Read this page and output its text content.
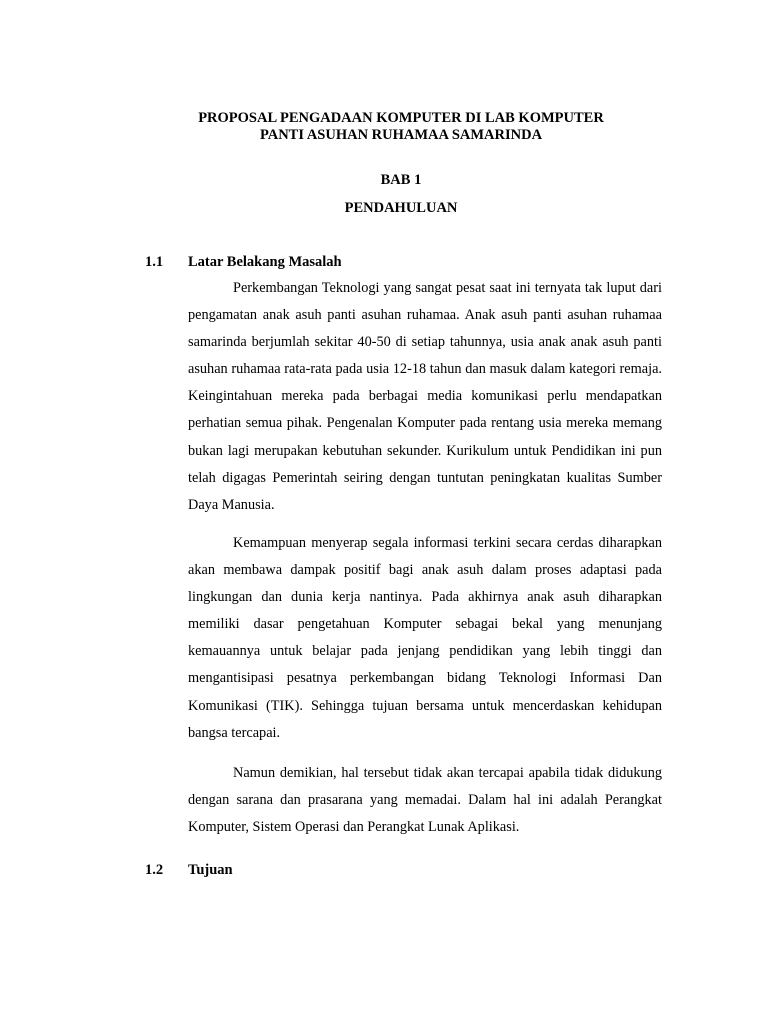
PROPOSAL PENGADAAN KOMPUTER DI LAB KOMPUTER
PANTI ASUHAN RUHAMAA SAMARINDA
BAB 1
PENDAHULUAN
1.1 Latar Belakang Masalah

Perkembangan Teknologi yang sangat pesat saat ini ternyata tak luput dari pengamatan anak asuh panti asuhan ruhamaa. Anak asuh panti asuhan ruhamaa samarinda berjumlah sekitar 40-50 di setiap tahunnya, usia anak anak asuh panti asuhan ruhamaa rata-rata pada usia 12-18 tahun dan masuk dalam kategori remaja. Keingintahuan mereka pada berbagai media komunikasi perlu mendapatkan perhatian semua pihak. Pengenalan Komputer pada rentang usia mereka memang bukan lagi merupakan kebutuhan sekunder. Kurikulum untuk Pendidikan ini pun telah digagas Pemerintah seiring dengan tuntutan peningkatan kualitas Sumber Daya Manusia.

Kemampuan menyerap segala informasi terkini secara cerdas diharapkan akan membawa dampak positif bagi anak asuh dalam proses adaptasi pada lingkungan dan dunia kerja nantinya. Pada akhirnya anak asuh diharapkan memiliki dasar pengetahuan Komputer sebagai bekal yang menunjang kemauannya untuk belajar pada jenjang pendidikan yang lebih tinggi dan mengantisipasi pesatnya perkembangan bidang Teknologi Informasi Dan Komunikasi (TIK). Sehingga tujuan bersama untuk mencerdaskan kehidupan bangsa tercapai.

Namun demikian, hal tersebut tidak akan tercapai apabila tidak didukung dengan sarana dan prasarana yang memadai. Dalam hal ini adalah Perangkat Komputer, Sistem Operasi dan Perangkat Lunak Aplikasi.

1.2 Tujuan
